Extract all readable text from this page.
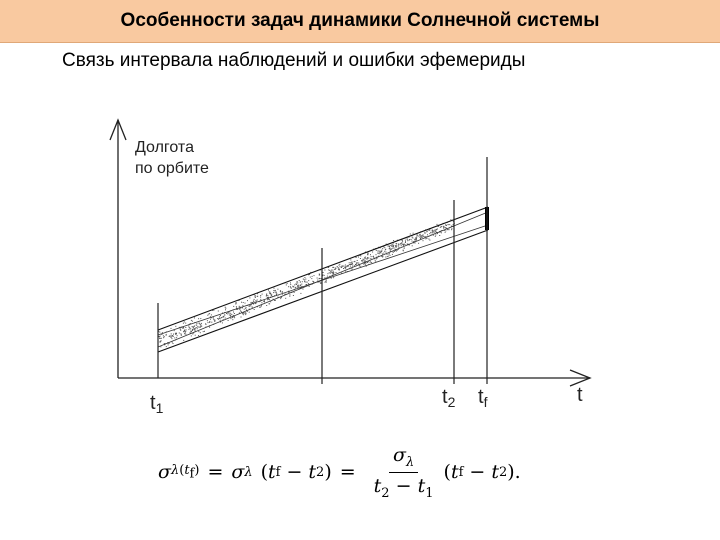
Особенности задач динамики Солнечной системы
Связь интервала наблюдений и ошибки эфемериды
Долгота
по орбите
$t_1$	$t_2$ $t_f$	t
σ $\lambda(t_f) = \sigma$ λ ( t f − t 2 ) = $\frac{\sigma_\lambda}{t_2 - t_1}$ ( t f − t 2 ) .
